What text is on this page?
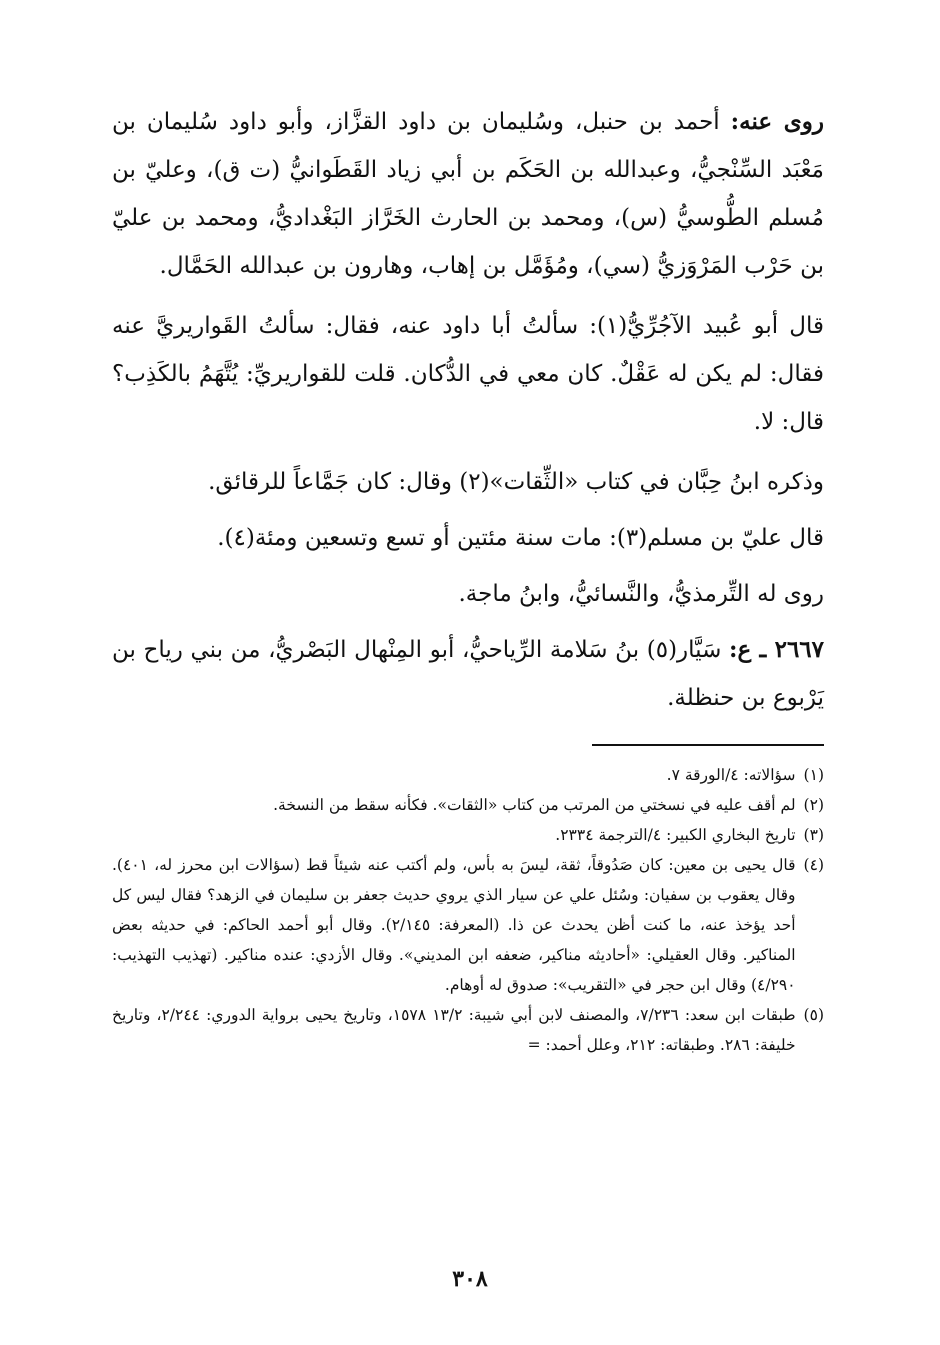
روى عنه: أحمد بن حنبل، وسُليمان بن داود القزَّاز، وأبو داود سُليمان بن مَعْبَد السِّنْجيُّ، وعبدالله بن الحَكَم بن أبي زياد القَطَوانيُّ (ت ق)، وعليّ بن مُسلم الطُّوسيُّ (س)، ومحمد بن الحارث الخَرَّاز البَغْداديُّ، ومحمد بن عليّ بن حَرْب المَرْوَزيُّ (سي)، ومُؤَمَّل بن إهاب، وهارون بن عبدالله الحَمَّال.

قال أبو عُبيد الآجُرِّيُّ(١): سألتُ أبا داود عنه، فقال: سألتُ القَواريريَّ عنه فقال: لم يكن له عَقْلٌ. كان معي في الدُّكان. قلت للقواريريِّ: يُتَّهَمُ بالكَذِب؟ قال: لا.

وذكره ابنُ حِبَّان في كتاب «الثِّقات»(٢) وقال: كان جَمَّاعاً للرقائق.

قال عليّ بن مسلم(٣): مات سنة مئتين أو تسع وتسعين ومئة(٤).

روى له التِّرمذيُّ، والنَّسائيُّ، وابنُ ماجة.

٢٦٦٧ ـ ع: سَيَّار(٥) بنُ سَلامة الرِّياحيُّ، أبو المِنْهال البَصْريُّ، من بني رياح بن يَرْبوع بن حنظلة.

(١)
سؤالاته: ٤/الورقة ٧.
(٢)
لم أقف عليه في نسختي من المرتب من كتاب «الثقات». فكأنه سقط من النسخة.
(٣)
تاريخ البخاري الكبير: ٤/الترجمة ٢٣٣٤.
(٤)
قال يحيى بن معين: كان صَدُوقاً، ثقة، ليسَ به بأس، ولم أكتب عنه شيئاً قط (سؤالات ابن محرز له، ٤٠١). وقال يعقوب بن سفيان: وسُئل علي عن سيار الذي يروي حديث جعفر بن سليمان في الزهد؟ فقال ليس كل أحد يؤخذ عنه، ما كنت أظن يحدث عن ذا. (المعرفة: ٢/١٤٥). وقال أبو أحمد الحاكم: في حديثه بعض المناكير. وقال العقيلي: «أحاديثه مناكير، ضعفه ابن المديني». وقال الأزدي: عنده مناكير. (تهذيب التهذيب: ٤/٢٩٠) وقال ابن حجر في «التقريب»: صدوق له أوهام.
(٥)
طبقات ابن سعد: ٧/٢٣٦، والمصنف لابن أبي شيبة: ١٣/٢ ١٥٧٨، وتاريخ يحيى برواية الدوري: ٢/٢٤٤، وتاريخ خليفة: ٢٨٦. وطبقاته: ٢١٢، وعلل أحمد: =
٣٠٨
